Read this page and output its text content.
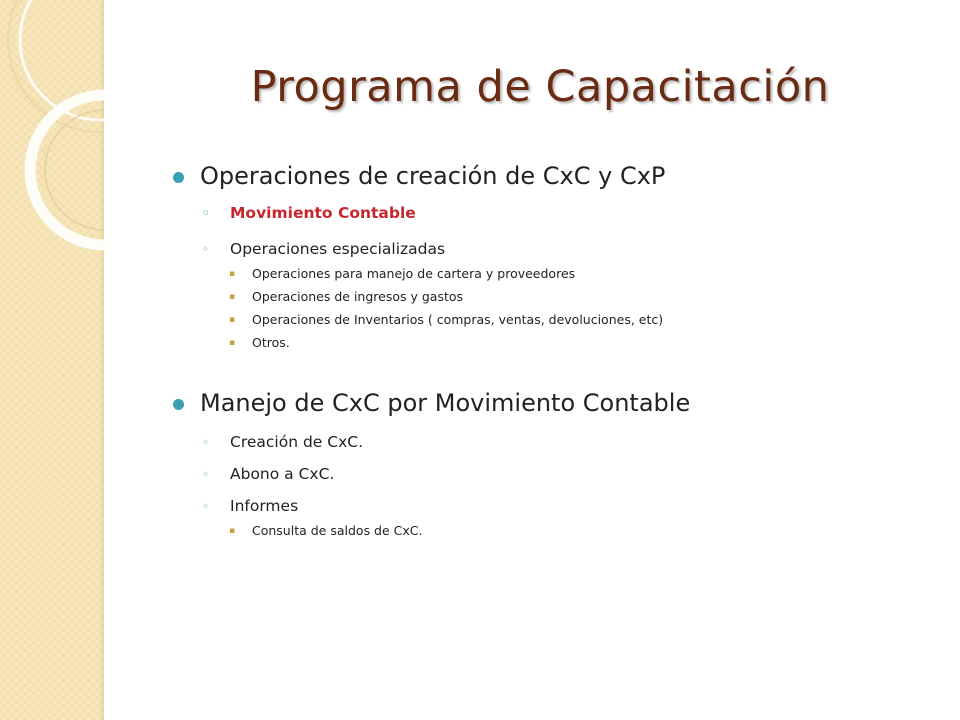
Programa de Capacitación
Operaciones de creación de CxC y CxP
◦ Movimiento Contable
◦ Operaciones especializadas
▪ Operaciones para manejo de cartera y proveedores
▪ Operaciones de ingresos y gastos
▪ Operaciones de Inventarios ( compras, ventas, devoluciones, etc)
▪ Otros.
Manejo de CxC por Movimiento Contable
◦ Creación de CxC.
◦ Abono a CxC.
◦ Informes
▪ Consulta de saldos de CxC.
